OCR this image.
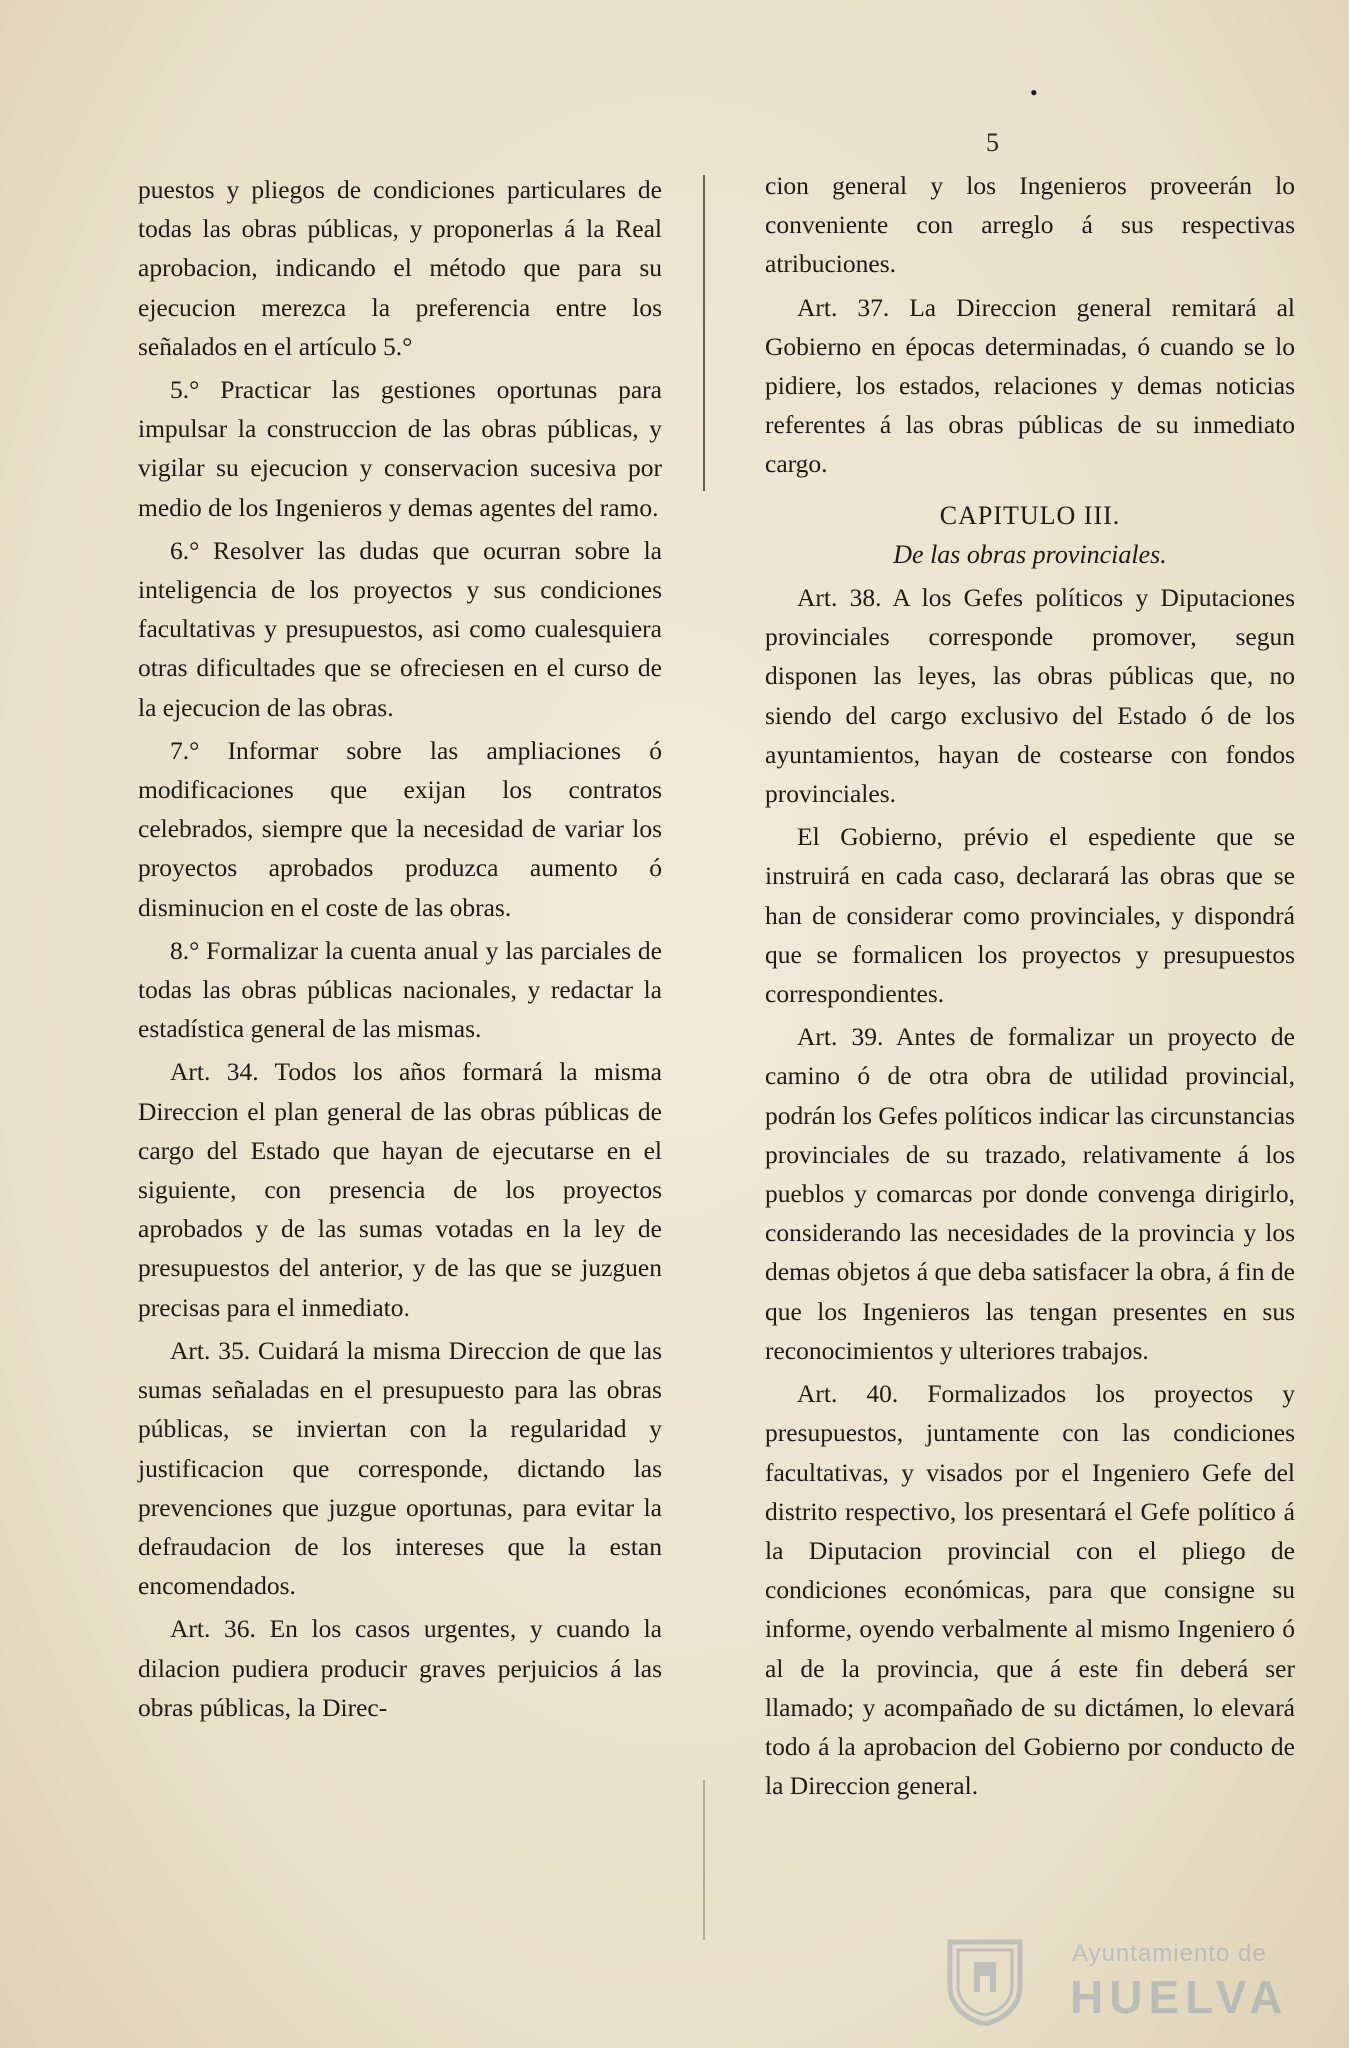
•
5

puestos y pliegos de condiciones particulares de todas las obras públicas, y proponerlas á la Real aprobacion, indicando el método que para su ejecucion merezca la preferencia entre los señalados en el artículo 5.°

5.° Practicar las gestiones oportunas para impulsar la construccion de las obras públicas, y vigilar su ejecucion y conservacion sucesiva por medio de los Ingenieros y demas agentes del ramo.

6.° Resolver las dudas que ocurran sobre la inteligencia de los proyectos y sus condiciones facultativas y presupuestos, asi como cualesquiera otras dificultades que se ofreciesen en el curso de la ejecucion de las obras.

7.° Informar sobre las ampliaciones ó modificaciones que exijan los contratos celebrados, siempre que la necesidad de variar los proyectos aprobados produzca aumento ó disminucion en el coste de las obras.

8.° Formalizar la cuenta anual y las parciales de todas las obras públicas nacionales, y redactar la estadística general de las mismas.

Art. 34. Todos los años formará la misma Direccion el plan general de las obras públicas de cargo del Estado que hayan de ejecutarse en el siguiente, con presencia de los proyectos aprobados y de las sumas votadas en la ley de presupuestos del anterior, y de las que se juzguen precisas para el inmediato.

Art. 35. Cuidará la misma Direccion de que las sumas señaladas en el presupuesto para las obras públicas, se inviertan con la regularidad y justificacion que corresponde, dictando las prevenciones que juzgue oportunas, para evitar la defraudacion de los intereses que la estan encomendados.

Art. 36. En los casos urgentes, y cuando la dilacion pudiera producir graves perjuicios á las obras públicas, la Direc-

cion general y los Ingenieros proveerán lo conveniente con arreglo á sus respectivas atribuciones.

Art. 37. La Direccion general remitará al Gobierno en épocas determinadas, ó cuando se lo pidiere, los estados, relaciones y demas noticias referentes á las obras públicas de su inmediato cargo.

CAPITULO III.
De las obras provinciales.

Art. 38. A los Gefes políticos y Diputaciones provinciales corresponde promover, segun disponen las leyes, las obras públicas que, no siendo del cargo exclusivo del Estado ó de los ayuntamientos, hayan de costearse con fondos provinciales.

El Gobierno, prévio el espediente que se instruirá en cada caso, declarará las obras que se han de considerar como provinciales, y dispondrá que se formalicen los proyectos y presupuestos correspondientes.

Art. 39. Antes de formalizar un proyecto de camino ó de otra obra de utilidad provincial, podrán los Gefes políticos indicar las circunstancias provinciales de su trazado, relativamente á los pueblos y comarcas por donde convenga dirigirlo, considerando las necesidades de la provincia y los demas objetos á que deba satisfacer la obra, á fin de que los Ingenieros las tengan presentes en sus reconocimientos y ulteriores trabajos.

Art. 40. Formalizados los proyectos y presupuestos, juntamente con las condiciones facultativas, y visados por el Ingeniero Gefe del distrito respectivo, los presentará el Gefe político á la Diputacion provincial con el pliego de condiciones económicas, para que consigne su informe, oyendo verbalmente al mismo Ingeniero ó al de la provincia, que á este fin deberá ser llamado; y acompañado de su dictámen, lo elevará todo á la aprobacion del Gobierno por conducto de la Direccion general.

Ayuntamiento de
HUELVA
